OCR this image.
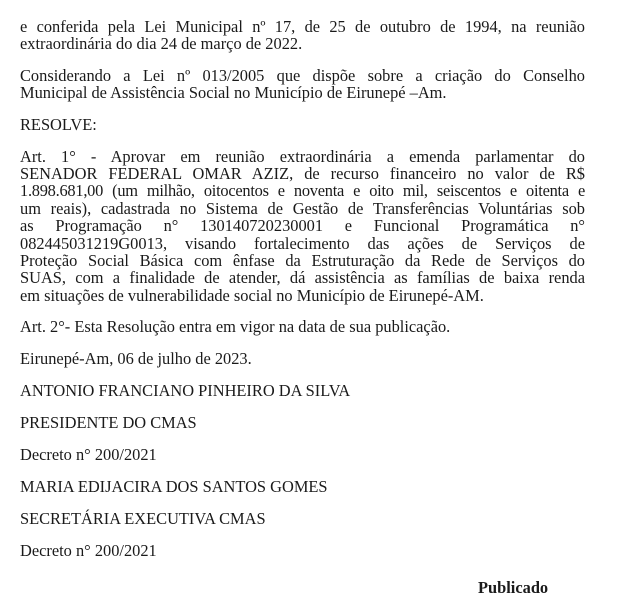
e conferida pela Lei Municipal nº 17, de 25 de outubro de 1994, na reunião
extraordinária do dia 24 de março de 2022.
Considerando a Lei nº 013/2005 que dispõe sobre a criação do Conselho
Municipal de Assistência Social no Município de Eirunepé –Am.
RESOLVE:
Art. 1° - Aprovar em reunião extraordinária a emenda parlamentar do
SENADOR FEDERAL OMAR AZIZ, de recurso financeiro no valor de R$
1.898.681,00 (um milhão, oitocentos e noventa e oito mil, seiscentos e oitenta e
um reais), cadastrada no Sistema de Gestão de Transferências Voluntárias sob
as Programação n° 130140720230001 e Funcional Programática n°
082445031219G0013, visando fortalecimento das ações de Serviços de
Proteção Social Básica com ênfase da Estruturação da Rede de Serviços do
SUAS, com a finalidade de atender, dá assistência as famílias de baixa renda
em situações de vulnerabilidade social no Município de Eirunepé-AM.
Art. 2°- Esta Resolução entra em vigor na data de sua publicação.
Eirunepé-Am, 06 de julho de 2023.
ANTONIO FRANCIANO PINHEIRO DA SILVA
PRESIDENTE DO CMAS
Decreto n° 200/2021
MARIA EDIJACIRA DOS SANTOS GOMES
SECRETÁRIA EXECUTIVA CMAS
Decreto n° 200/2021
Publicado
